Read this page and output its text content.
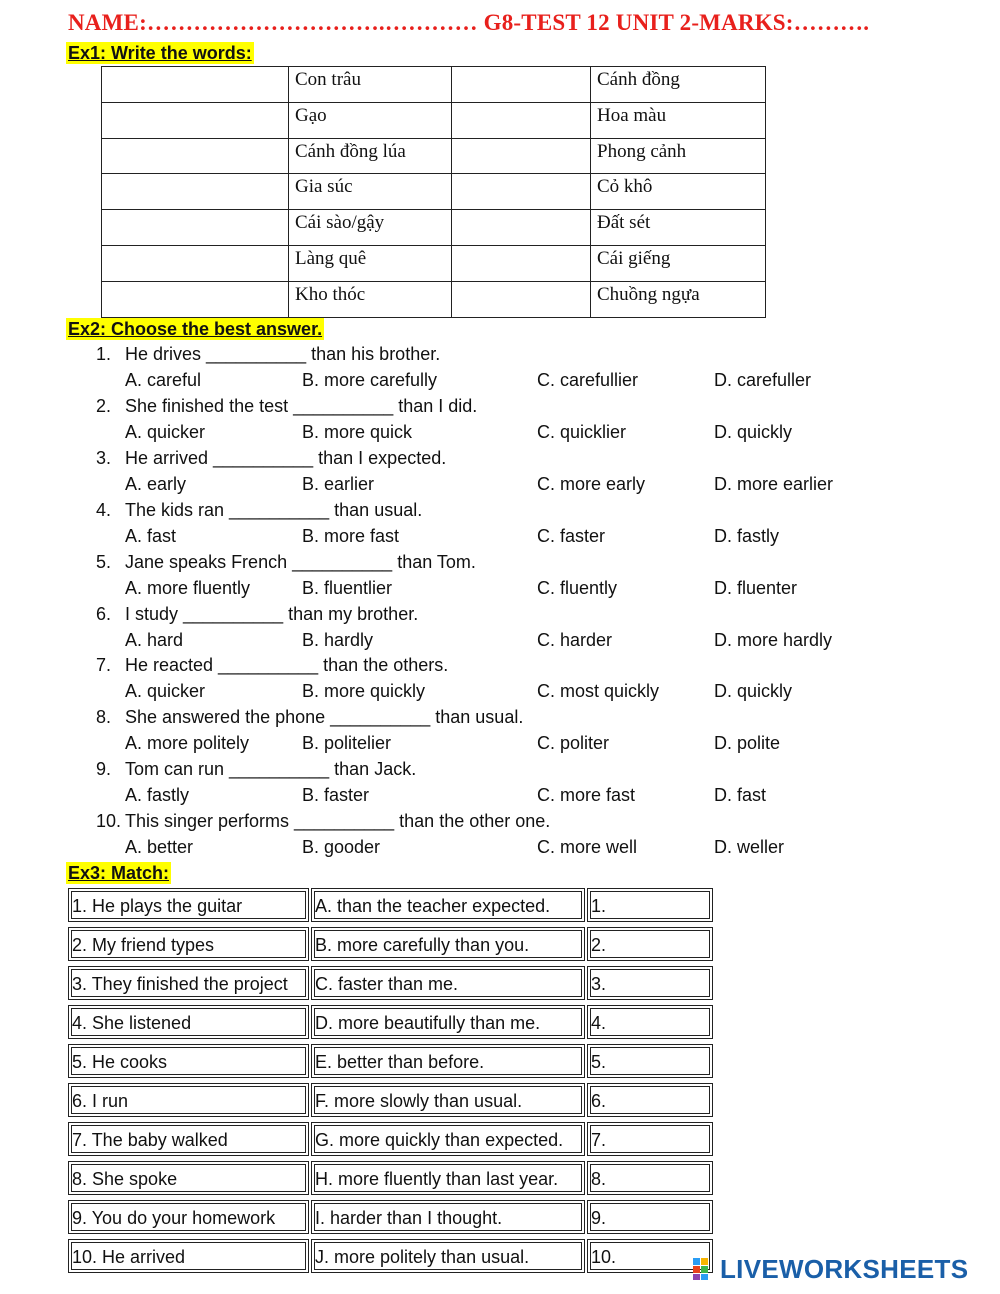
NAME:………………………….………… G8-TEST 12 UNIT 2-MARKS:……….
Ex1: Write the words:
	Con trâu		Cánh đồng
	Gạo		Hoa màu
	Cánh đồng lúa		Phong cảnh
	Gia súc		Cỏ khô
	Cái sào/gậy		Đất sét
	Làng quê		Cái giếng
	Kho thóc		Chuồng ngựa
Ex2: Choose the best answer.
1. He drives __________ than his brother.
A. careful	B. more carefully	C. carefullier	D. carefuller
2. She finished the test __________ than I did.
A. quicker	B. more quick	C. quicklier	D. quickly
3. He arrived __________ than I expected.
A. early	B. earlier	C. more early	D. more earlier
4. The kids ran __________ than usual.
A. fast	B. more fast	C. faster	D. fastly
5. Jane speaks French __________ than Tom.
A. more fluently	B. fluentlier	C. fluently	D. fluenter
6. I study __________ than my brother.
A. hard	B. hardly	C. harder	D. more hardly
7. He reacted __________ than the others.
A. quicker	B. more quickly	C. most quickly	D. quickly
8. She answered the phone __________ than usual.
A. more politely	B. politelier	C. politer	D. polite
9. Tom can run __________ than Jack.
A. fastly	B. faster	C. more fast	D. fast
10. This singer performs __________ than the other one.
A. better	B. gooder	C. more well	D. weller
Ex3: Match:
1. He plays the guitar	A. than the teacher expected.	1.
2. My friend types	B. more carefully than you.	2.
3. They finished the project	C. faster than me.	3.
4. She listened	D. more beautifully than me.	4.
5. He cooks	E. better than before.	5.
6. I run	F. more slowly than usual.	6.
7. The baby walked	G. more quickly than expected.	7.
8. She spoke	H. more fluently than last year.	8.
9. You do your homework	I. harder than I thought.	9.
10. He arrived	J. more politely than usual.	10.	LIVEWORKSHEETS
